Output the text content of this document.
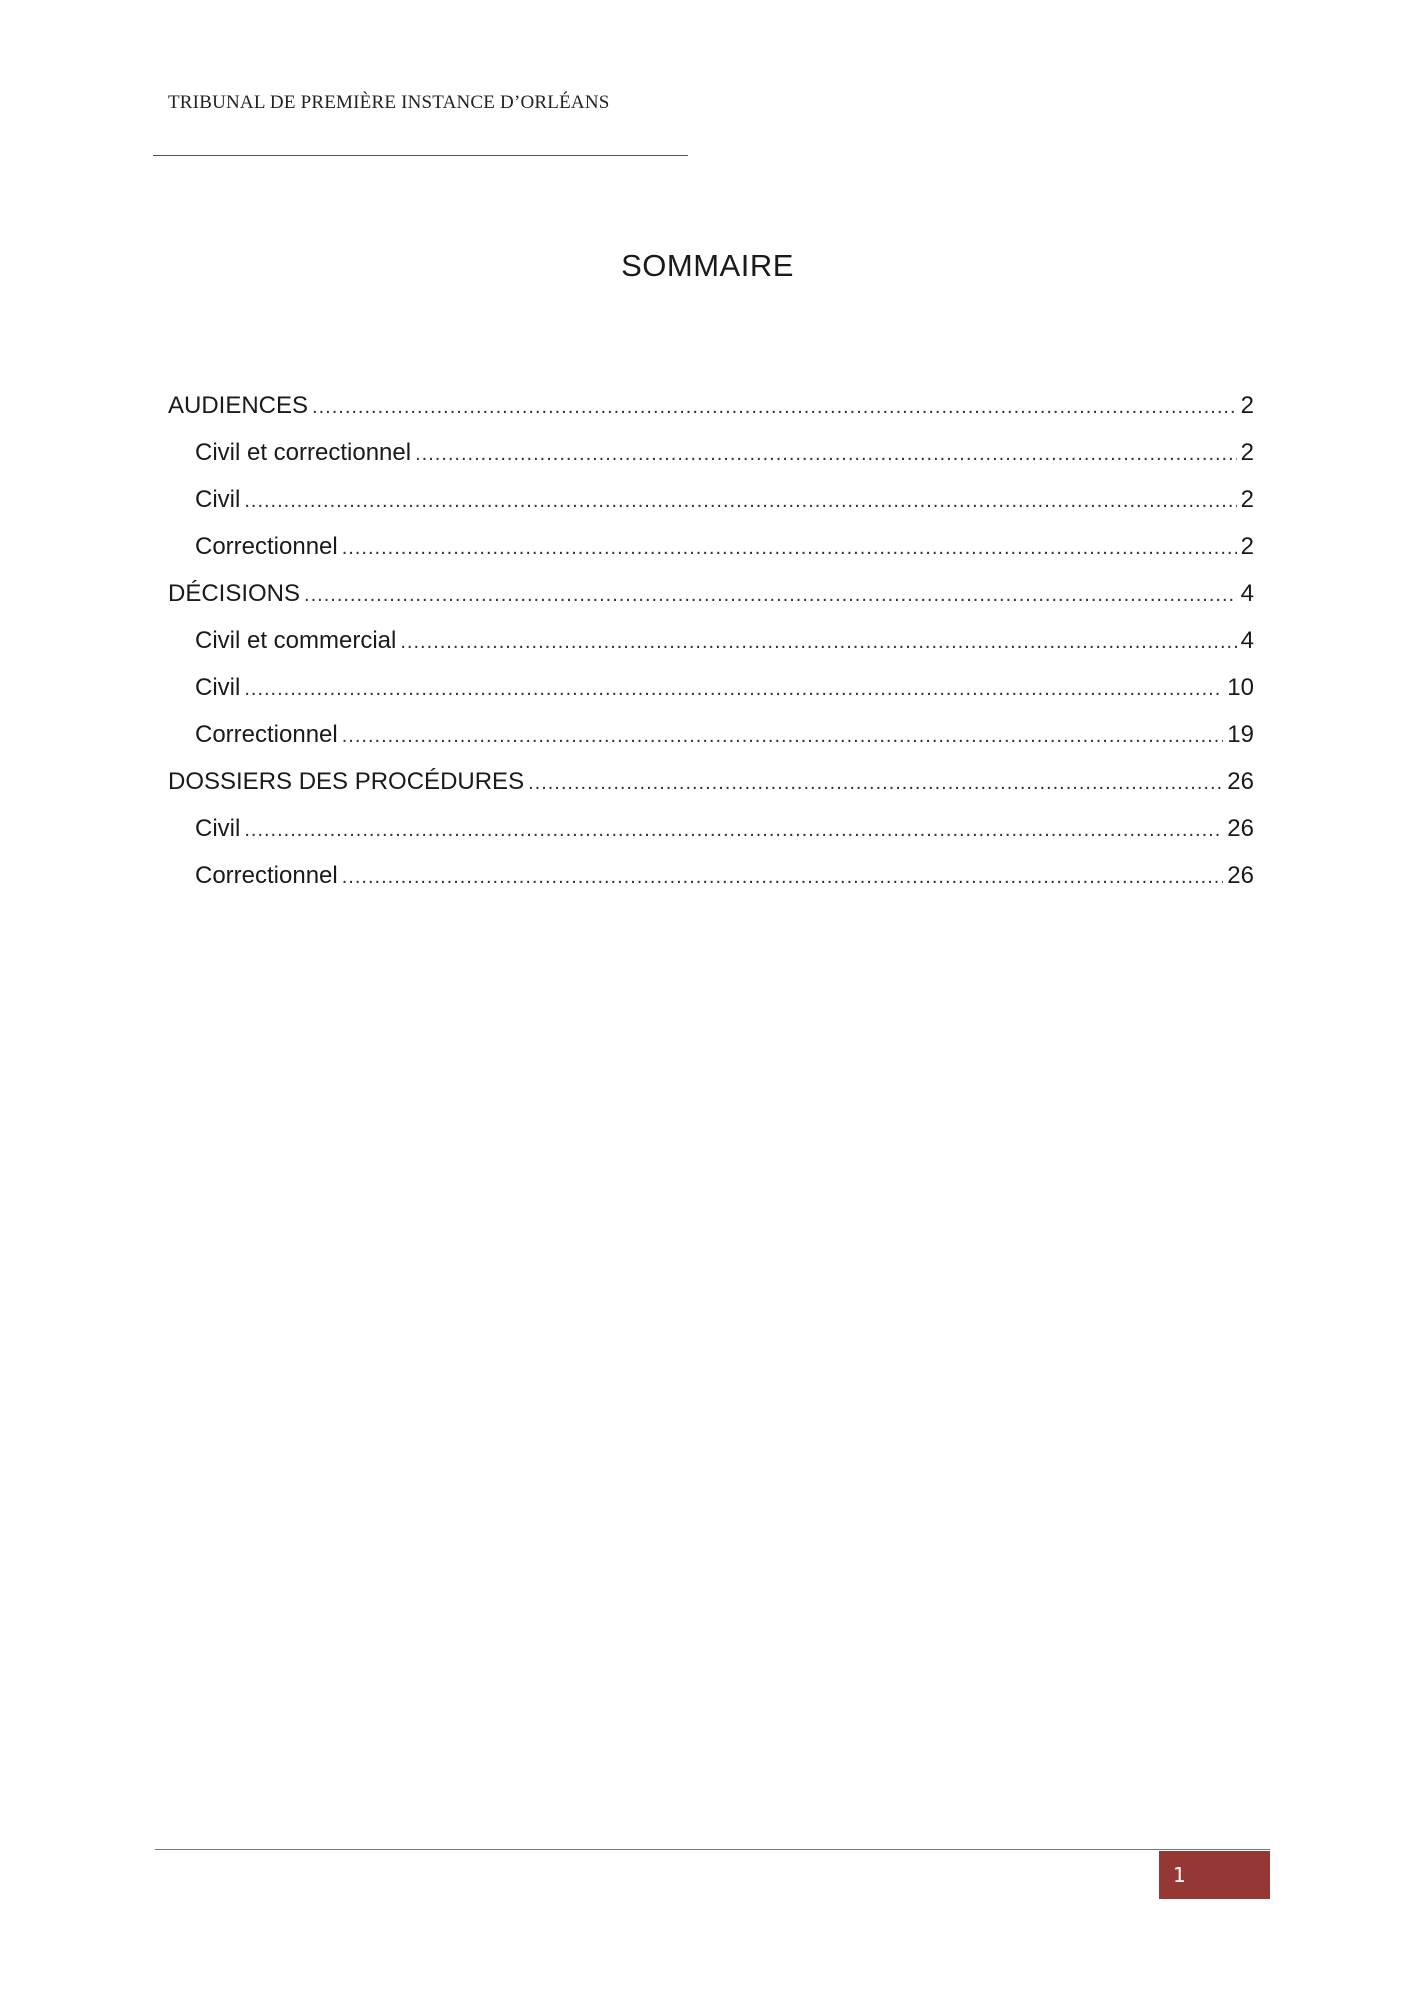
TRIBUNAL DE PREMIÈRE INSTANCE D’ORLÉANS
SOMMAIRE
AUDIENCES .....	2
Civil et correctionnel .....	2
Civil .....	2
Correctionnel .....	2
DÉCISIONS .....	4
Civil et commercial .....	4
Civil .....	10
Correctionnel .....	19
DOSSIERS DES PROCÉDURES .....	26
Civil .....	26
Correctionnel .....	26
1
